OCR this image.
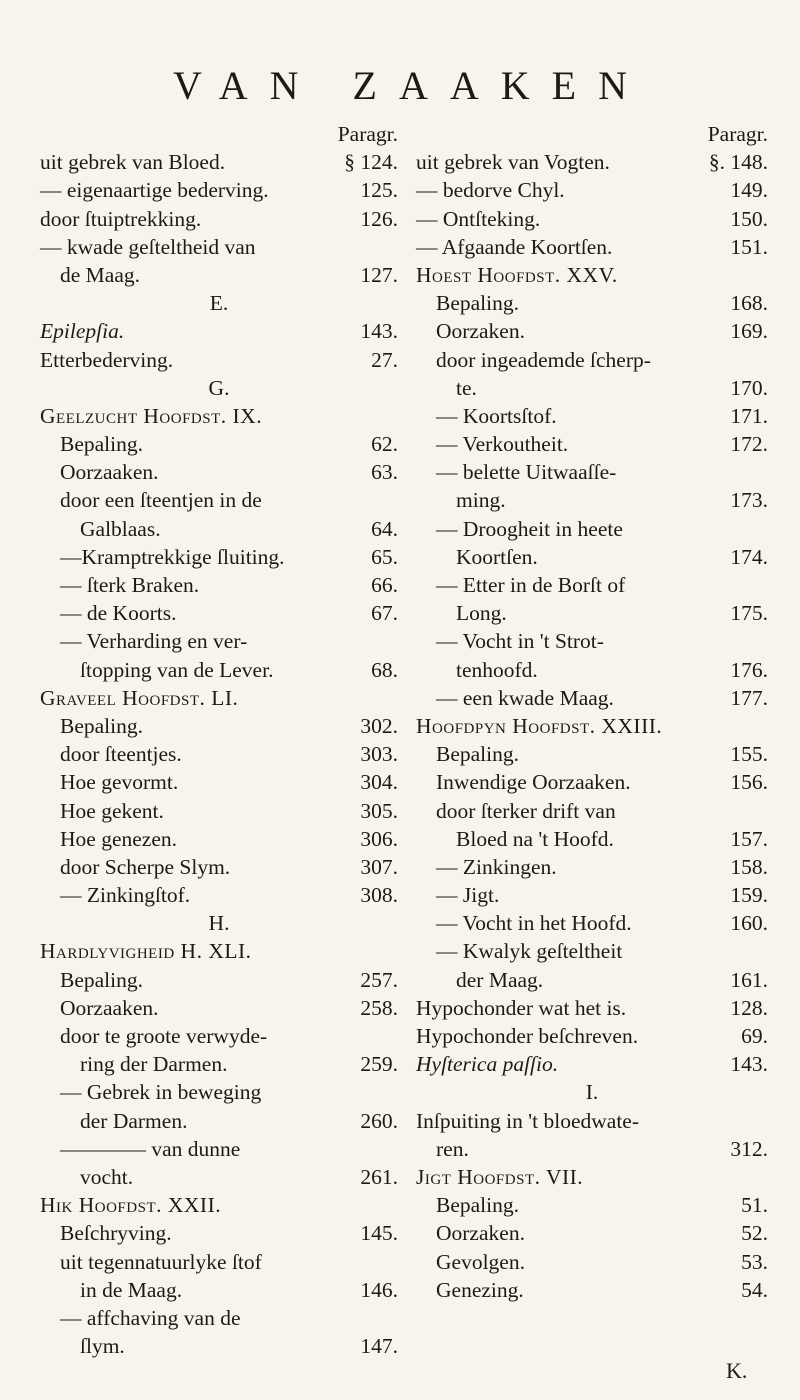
VAN ZAAKEN
Paragr.
uit gebrek van Bloed.	§ 124.
— eigenaartige bederving.	125.
door ſtuiptrekking.	126.
— kwade geſteltheid van
de Maag.	127.
E.
Epilepſia.	143.
Etterbederving.	27.
G.
Geelzucht Hoofdſt. IX.
Bepaling.	62.
Oorzaaken.	63.
door een ſteentjen in de
Galblaas.	64.
—Kramptrekkige ſluiting.	65.
— ſterk Braken.	66.
— de Koorts.	67.
— Verharding en ver-
ſtopping van de Lever.	68.
Graveel Hoofdſt. LI.
Bepaling.	302.
door ſteentjes.	303.
Hoe gevormt.	304.
Hoe gekent.	305.
Hoe genezen.	306.
door Scherpe Slym.	307.
— Zinkingſtof.	308.
H.
Hardlyvigheid H. XLI.
Bepaling.	257.
Oorzaaken.	258.
door te groote verwyde-
ring der Darmen.	259.
— Gebrek in beweging
der Darmen.	260.
———— van dunne
vocht.	261.
Hik Hoofdſt. XXII.
Beſchryving.	145.
uit tegennatuurlyke ſtof
in de Maag.	146.
— affchaving van de
ſlym.	147.
Paragr.
uit gebrek van Vogten.	§. 148.
— bedorve Chyl.	149.
— Ontſteking.	150.
— Afgaande Koortſen.	151.
Hoest Hoofdſt. XXV.
Bepaling.	168.
Oorzaken.	169.
door ingeademde ſcherp-
te.	170.
— Koortsſtof.	171.
— Verkoutheit.	172.
— belette Uitwaaſſe-
ming.	173.
— Droogheit in heete
Koortſen.	174.
— Etter in de Borſt of
Long.	175.
— Vocht in 't Strot-
tenhoofd.	176.
— een kwade Maag.	177.
Hoofdpyn Hoofdſt. XXIII.
Bepaling.	155.
Inwendige Oorzaaken.	156.
door ſterker drift van
Bloed na 't Hoofd.	157.
— Zinkingen.	158.
— Jigt.	159.
— Vocht in het Hoofd.	160.
— Kwalyk geſteltheit
der Maag.	161.
Hypochonder wat het is.	128.
Hypochonder beſchreven.	69.
Hyſterica paſſio.	143.
I.
Inſpuiting in 't bloedwate-
ren.	312.
Jigt Hoofdſt. VII.
Bepaling.	51.
Oorzaken.	52.
Gevolgen.	53.
Genezing.	54.
K.
